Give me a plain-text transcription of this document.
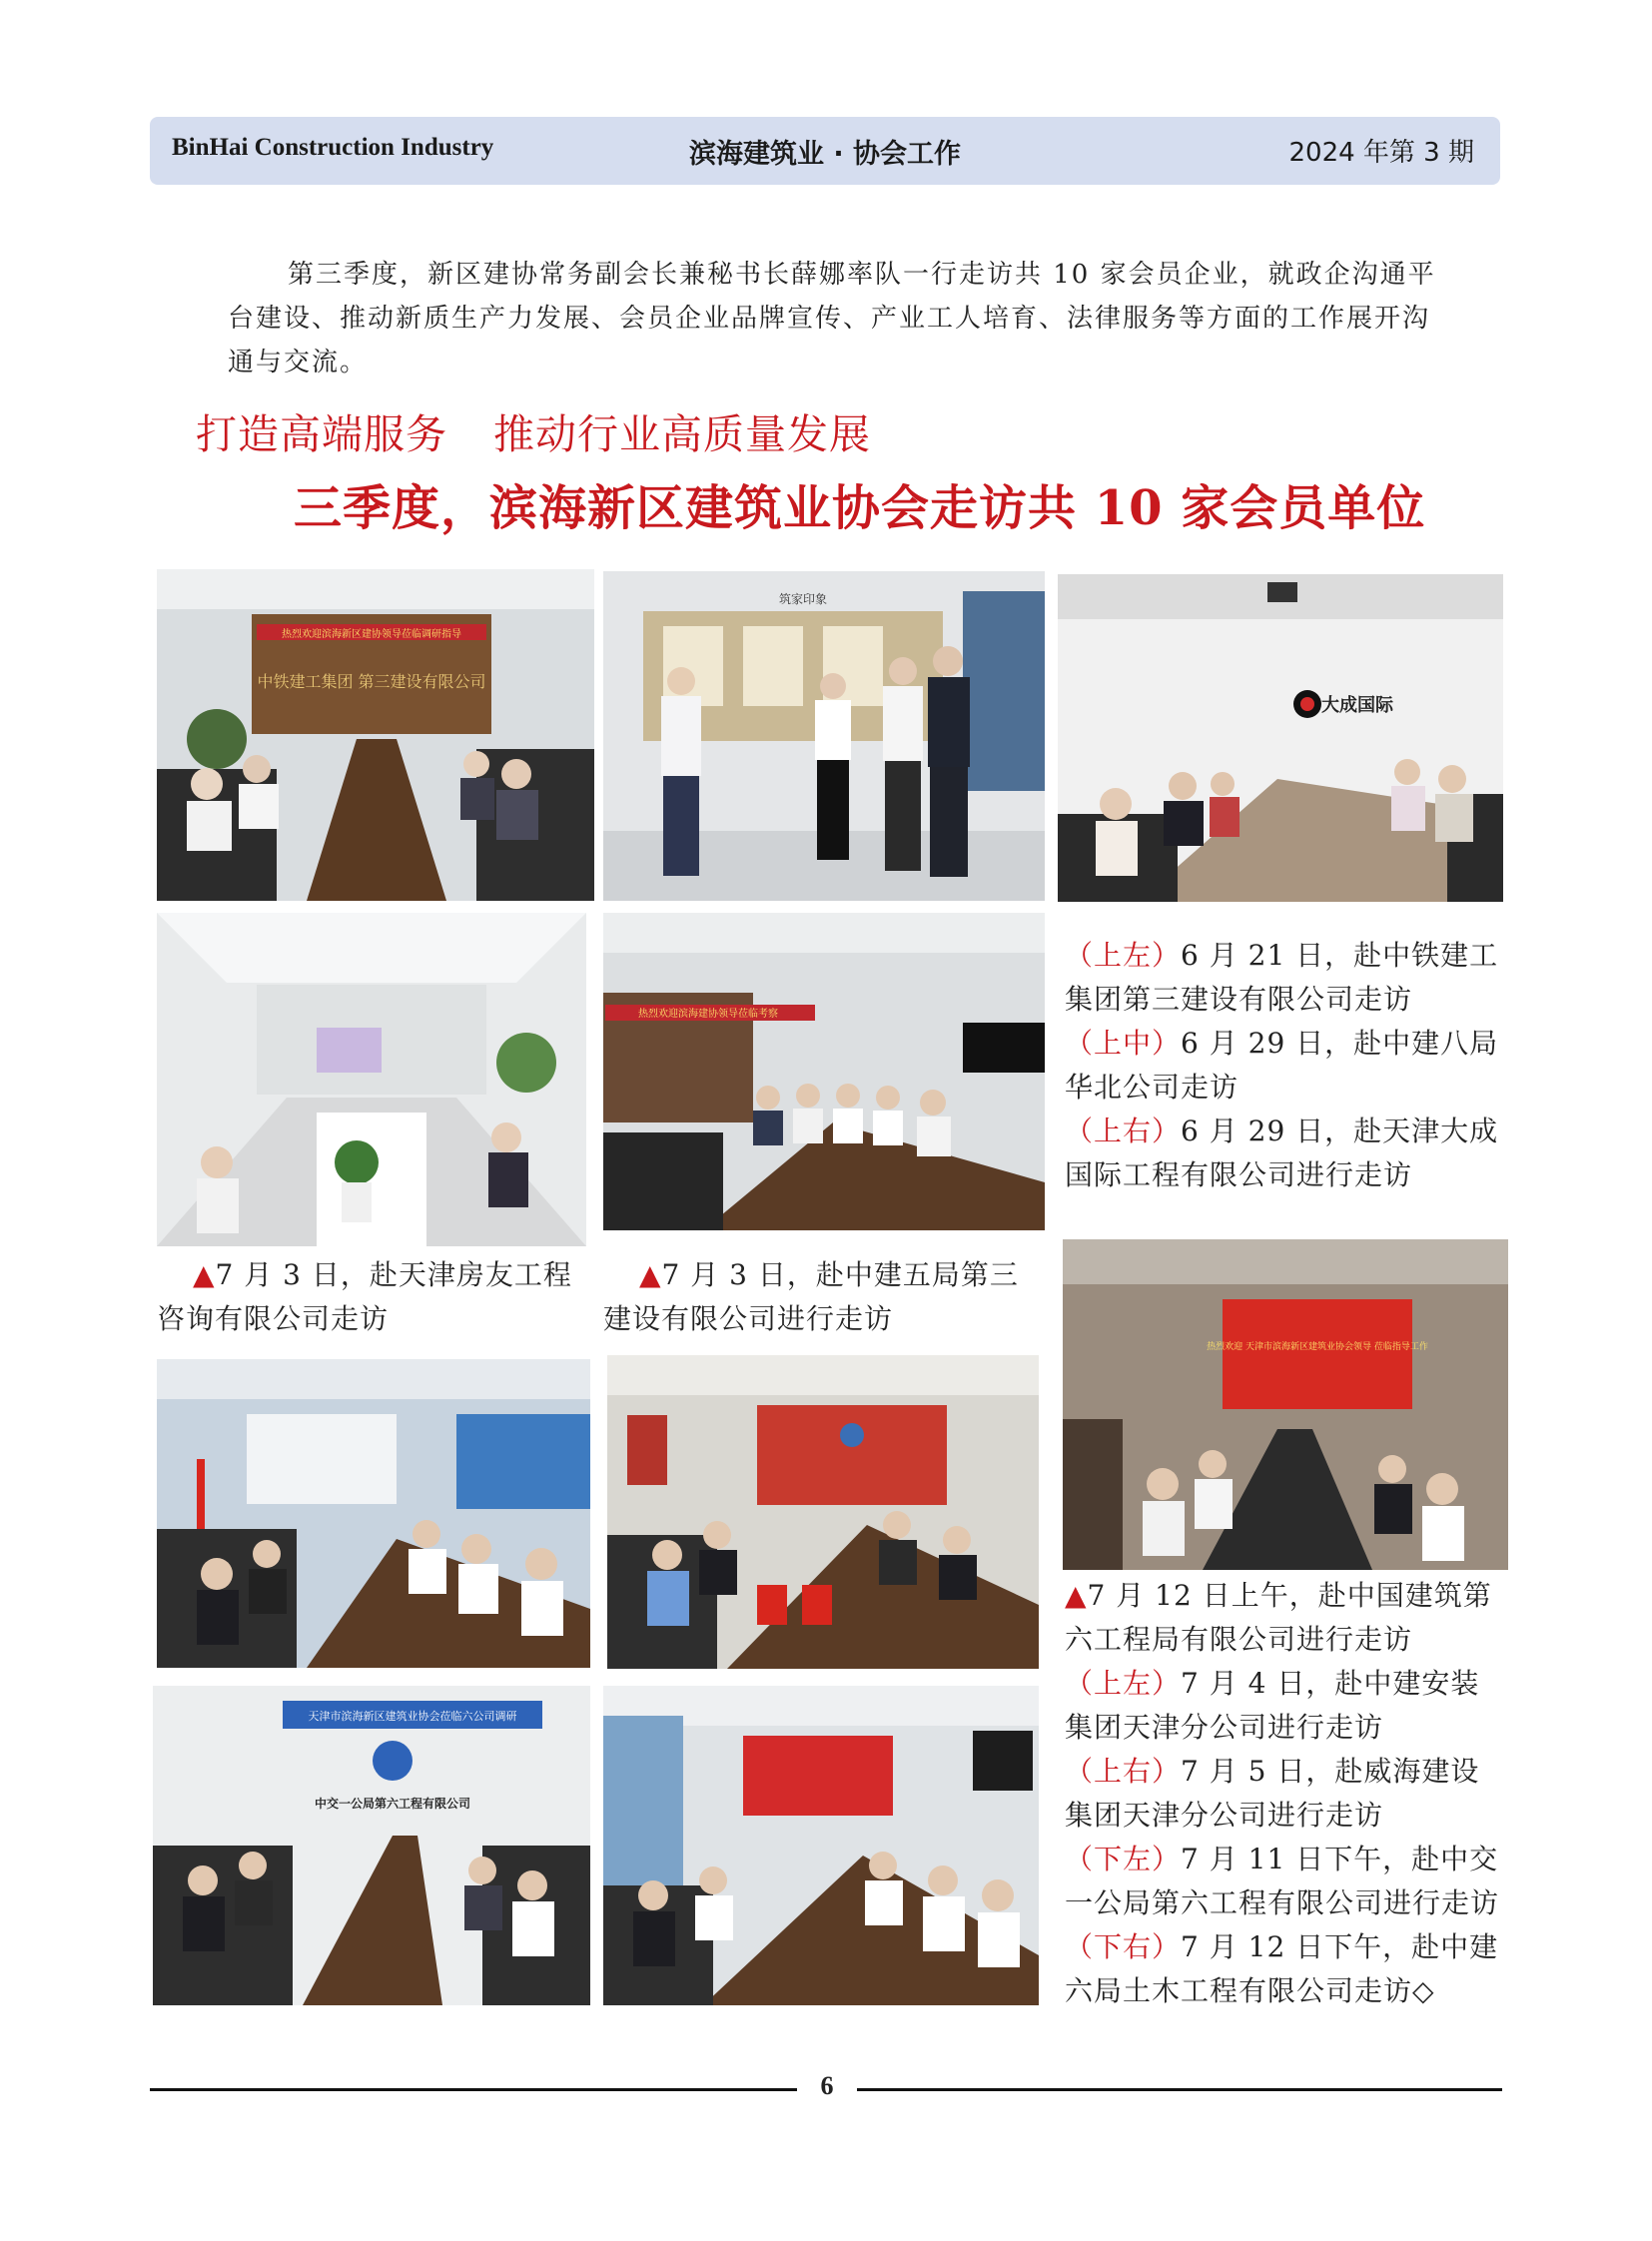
BinHai Construction Industry	滨海建筑业 · 协会工作	2024 年第 3 期
第三季度，新区建协常务副会长兼秘书长薛娜率队一行走访共 10 家会员企业，就政企沟通平台建设、推动新质生产力发展、会员企业品牌宣传、产业工人培育、法律服务等方面的工作展开沟通与交流。
打造高端服务 推动行业高质量发展
三季度，滨海新区建筑业协会走访共 10 家会员单位
热烈欢迎滨海新区建协领导莅临调研指导
中铁建工集团 第三建设有限公司
筑家印象
大成国际
热烈欢迎滨海建协领导莅临考察
热烈欢迎 天津市滨海新区建筑业协会领导 莅临指导工作
天津市滨海新区建筑业协会莅临六公司调研
中交一公局第六工程有限公司

（上左）6 月 21 日，赴中铁建工集团第三建设有限公司走访

（上中）6 月 29 日，赴中建八局华北公司走访

（上右）6 月 29 日，赴天津大成国际工程有限公司进行走访

▲7 月 3 日，赴天津房友工程咨询有限公司走访
▲7 月 3 日，赴中建五局第三建设有限公司进行走访

▲7 月 12 日上午，赴中国建筑第六工程局有限公司进行走访

（上左）7 月 4 日，赴中建安装集团天津分公司进行走访

（上右）7 月 5 日，赴威海建设集团天津分公司进行走访

（下左）7 月 11 日下午，赴中交一公局第六工程有限公司进行走访

（下右）7 月 12 日下午，赴中建六局土木工程有限公司走访◇

6
